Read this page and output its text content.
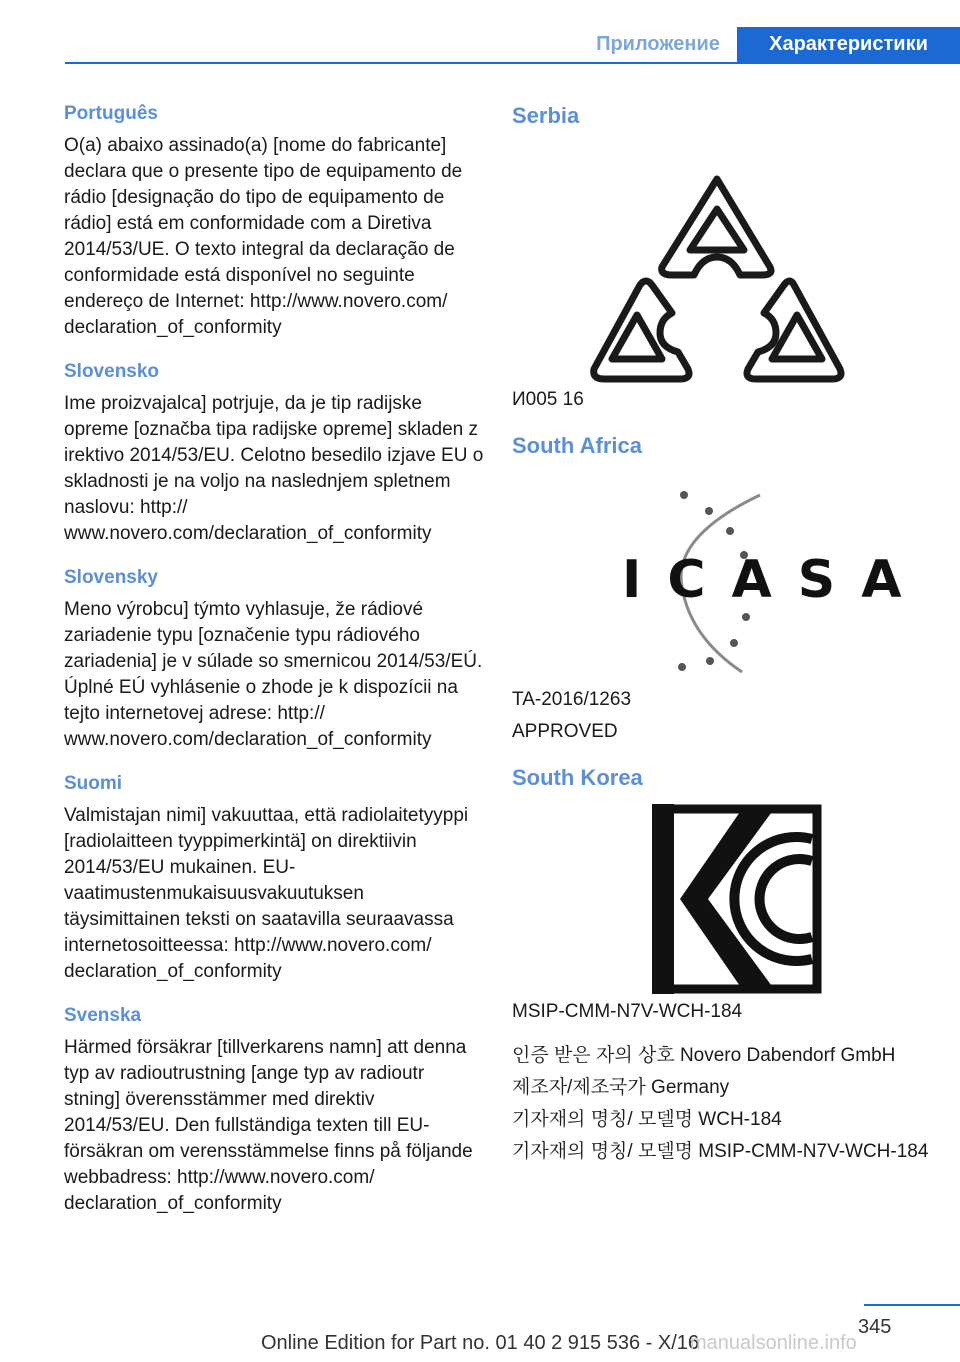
Приложение	Характеристики
Português

O(a) abaixo assinado(a) [nome do fabricante] declara que o presente tipo de equipamento de rádio [designação do tipo de equipamento de rádio] está em conformidade com a Diretiva 2014/53/UE. O texto integral da declaração de conformidade está disponível no seguinte endereço de Internet: http://www.novero.com/ declaration_of_conformity

Slovensko

Ime proizvajalca] potrjuje, da je tip radijske opreme [označba tipa radijske opreme] skladen z irektivo 2014/53/EU. Celotno besedilo izjave EU o skladnosti je na voljo na naslednjem spletnem naslovu: http:// www.novero.com/declaration_of_conformity

Slovensky

Meno výrobcu] týmto vyhlasuje, že rádiové zariadenie typu [označenie typu rádiového zariadenia] je v súlade so smernicou 2014/53/EÚ. Úplné EÚ vyhlásenie o zhode je k dispozícii na tejto internetovej adrese: http:// www.novero.com/declaration_of_conformity

Suomi

Valmistajan nimi] vakuuttaa, että radiolaitetyyppi [radiolaitteen tyyppimerkintä] on direktiivin 2014/53/EU mukainen. EU-vaatimustenmukaisuusvakuutuksen täysimittainen teksti on saatavilla seuraavassa internetosoitteessa: http://www.novero.com/ declaration_of_conformity

Svenska

Härmed försäkrar [tillverkarens namn] att denna typ av radioutrustning [ange typ av radioutr stning] överensstämmer med direktiv 2014/53/EU. Den fullständiga texten till EU-försäkran om verensstämmelse finns på följande webbadress: http://www.novero.com/ declaration_of_conformity

Serbia

И005 16

South Africa
ICASA

TA-2016/1263

APPROVED

South Korea

MSIP-CMM-N7V-WCH-184

인증 받은 자의 상호 Novero Dabendorf GmbH

제조자/제조국가 Germany

기자재의 명칭/ 모델명 WCH-184

기자재의 명칭/ 모델명 MSIP-CMM-N7V-WCH-184

345
Online Edition for Part no. 01 40 2 915 536 - X/16
manualsonline.info
